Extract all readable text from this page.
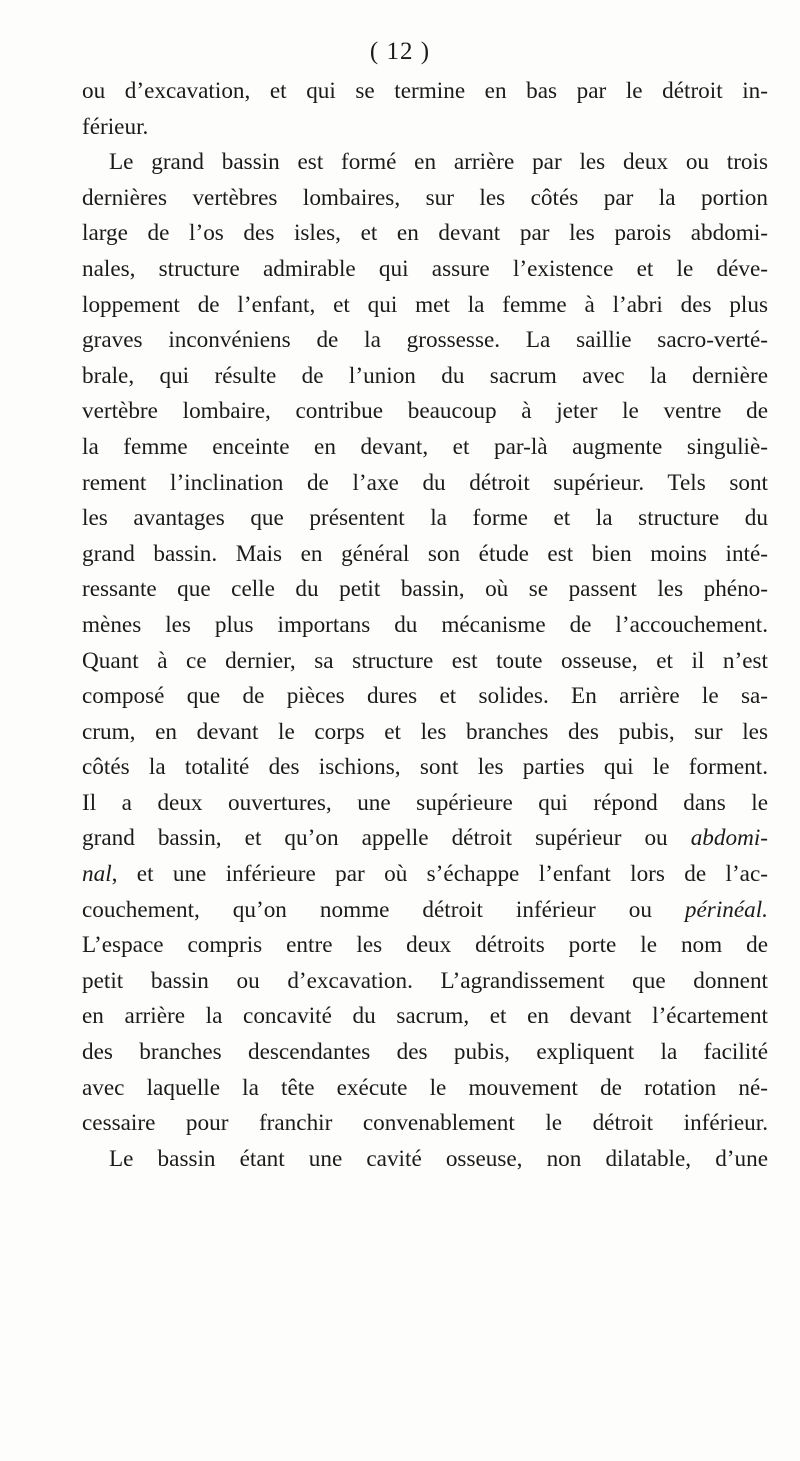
( 12 )
ou d’excavation, et qui se termine en bas par le détroit in-
férieur.
Le grand bassin est formé en arrière par les deux ou trois
dernières vertèbres lombaires, sur les côtés par la portion
large de l’os des isles, et en devant par les parois abdomi-
nales, structure admirable qui assure l’existence et le déve-
loppement de l’enfant, et qui met la femme à l’abri des plus
graves inconvéniens de la grossesse. La saillie sacro-verté-
brale, qui résulte de l’union du sacrum avec la dernière
vertèbre lombaire, contribue beaucoup à jeter le ventre de
la femme enceinte en devant, et par-là augmente singuliè-
rement l’inclination de l’axe du détroit supérieur. Tels sont
les avantages que présentent la forme et la structure du
grand bassin. Mais en général son étude est bien moins inté-
ressante que celle du petit bassin, où se passent les phéno-
mènes les plus importans du mécanisme de l’accouchement.
Quant à ce dernier, sa structure est toute osseuse, et il n’est
composé que de pièces dures et solides. En arrière le sa-
crum, en devant le corps et les branches des pubis, sur les
côtés la totalité des ischions, sont les parties qui le forment.
Il a deux ouvertures, une supérieure qui répond dans le
grand bassin, et qu’on appelle détroit supérieur ou abdomi-
nal, et une inférieure par où s’échappe l’enfant lors de l’ac-
couchement, qu’on nomme détroit inférieur ou périnéal.
L’espace compris entre les deux détroits porte le nom de
petit bassin ou d’excavation. L’agrandissement que donnent
en arrière la concavité du sacrum, et en devant l’écartement
des branches descendantes des pubis, expliquent la facilité
avec laquelle la tête exécute le mouvement de rotation né-
cessaire pour franchir convenablement le détroit inférieur.
Le bassin étant une cavité osseuse, non dilatable, d’une
